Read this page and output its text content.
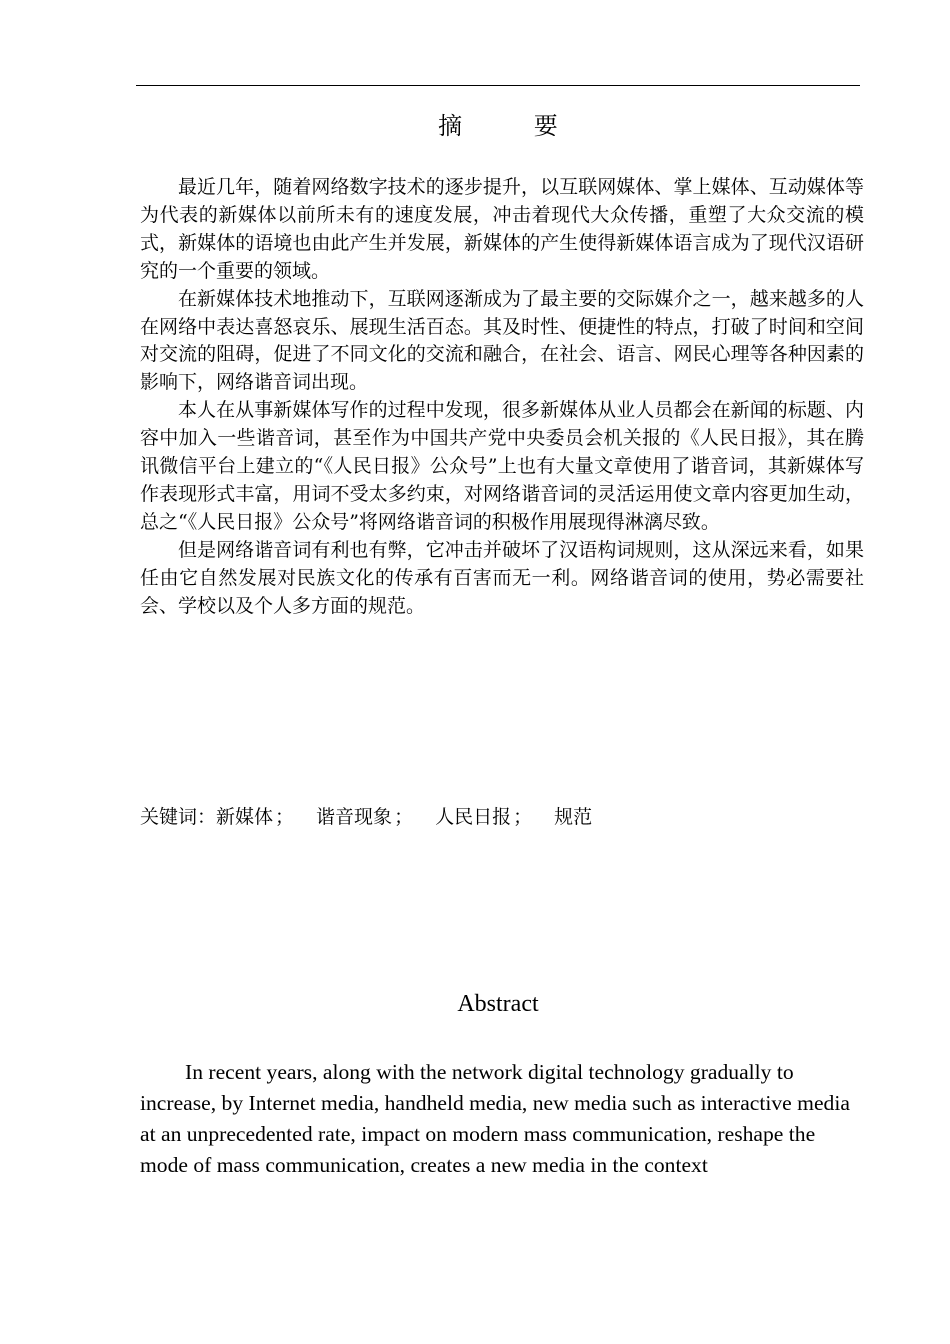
摘 要

最近几年，随着网络数字技术的逐步提升，以互联网媒体、掌上媒体、互动媒体等为代表的新媒体以前所未有的速度发展，冲击着现代大众传播，重塑了大众交流的模式，新媒体的语境也由此产生并发展，新媒体的产生使得新媒体语言成为了现代汉语研究的一个重要的领域。

在新媒体技术地推动下，互联网逐渐成为了最主要的交际媒介之一，越来越多的人在网络中表达喜怒哀乐、展现生活百态。其及时性、便捷性的特点，打破了时间和空间对交流的阻碍，促进了不同文化的交流和融合，在社会、语言、网民心理等各种因素的影响下，网络谐音词出现。

本人在从事新媒体写作的过程中发现，很多新媒体从业人员都会在新闻的标题、内容中加入一些谐音词，甚至作为中国共产党中央委员会机关报的《人民日报》，其在腾讯微信平台上建立的“《人民日报》公众号”上也有大量文章使用了谐音词，其新媒体写作表现形式丰富，用词不受太多约束，对网络谐音词的灵活运用使文章内容更加生动，总之“《人民日报》公众号”将网络谐音词的积极作用展现得淋漓尽致。

但是网络谐音词有利也有弊，它冲击并破坏了汉语构词规则，这从深远来看，如果任由它自然发展对民族文化的传承有百害而无一利。网络谐音词的使用，势必需要社会、学校以及个人多方面的规范。

关键词：新媒体 ； 谐音现象 ； 人民日报 ； 规范
Abstract

In recent years, along with the network digital technology gradually to increase, by Internet media, handheld media, new media such as interactive media at an unprecedented rate, impact on modern mass communication, reshape the mode of mass communication, creates a new media in the context
